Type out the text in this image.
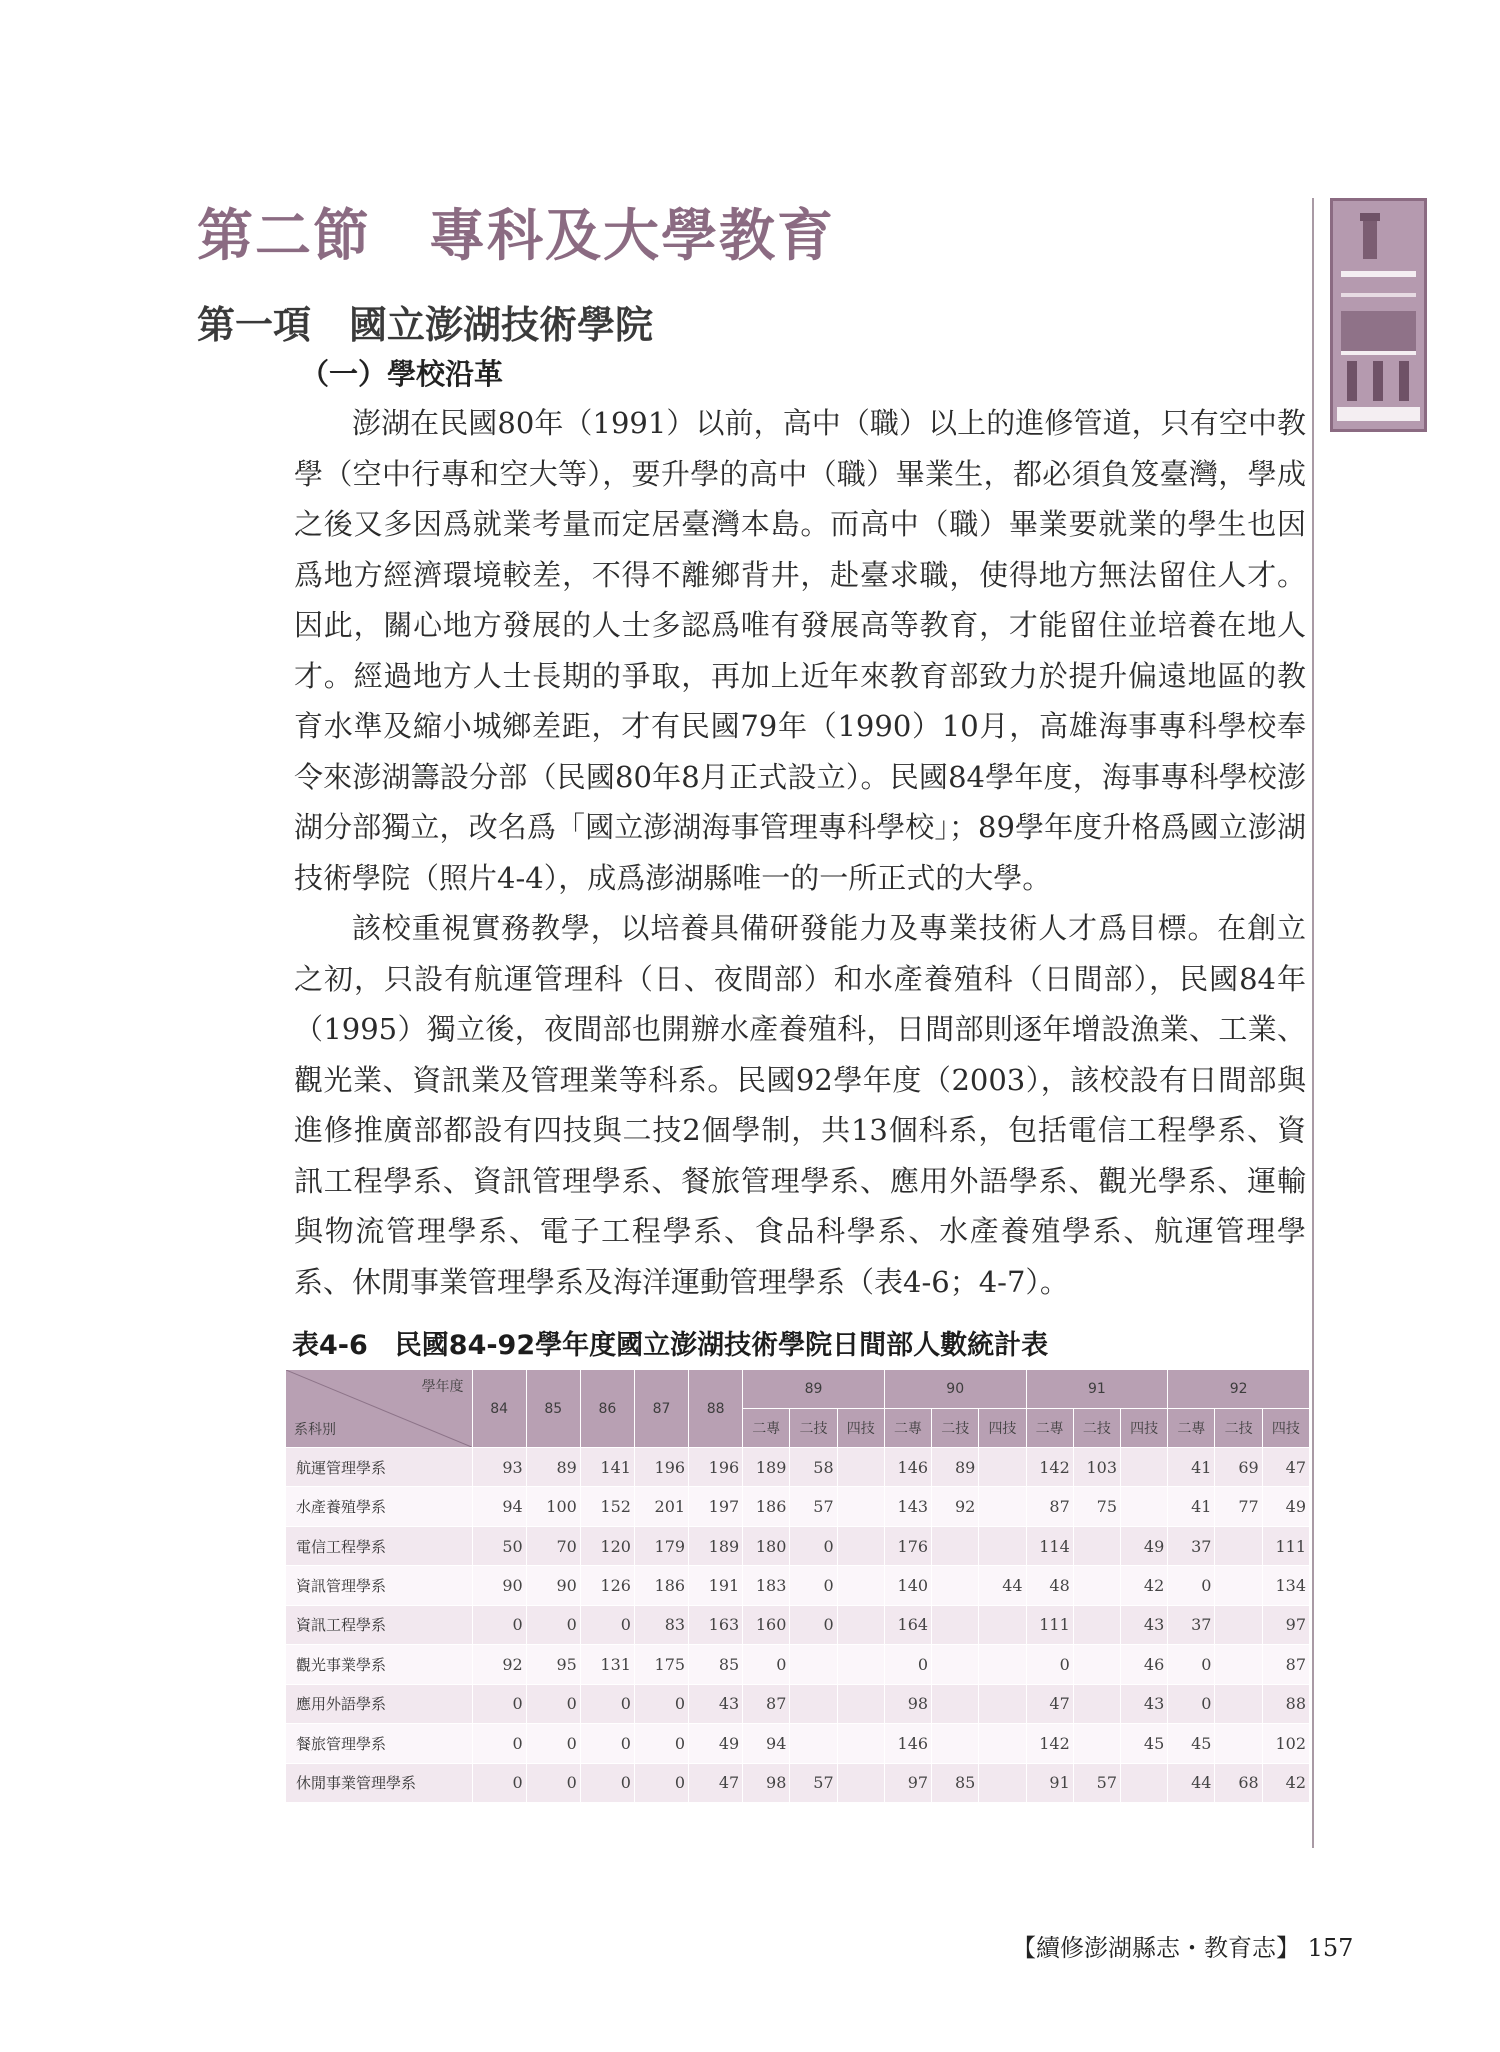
第二節　專科及大學教育
第一項　國立澎湖技術學院
（一）學校沿革

澎湖在民國80年（1991）以前，高中（職）以上的進修管道，只有空中教學（空中行專和空大等），要升學的高中（職）畢業生，都必須負笈臺灣，學成之後又多因爲就業考量而定居臺灣本島。而高中（職）畢業要就業的學生也因爲地方經濟環境較差，不得不離鄉背井，赴臺求職，使得地方無法留住人才。因此，關心地方發展的人士多認爲唯有發展高等教育，才能留住並培養在地人才。經過地方人士長期的爭取，再加上近年來教育部致力於提升偏遠地區的教育水準及縮小城鄉差距，才有民國79年（1990）10月，高雄海事專科學校奉令來澎湖籌設分部（民國80年8月正式設立）。民國84學年度，海事專科學校澎湖分部獨立，改名爲「國立澎湖海事管理專科學校」；89學年度升格爲國立澎湖技術學院（照片4-4），成爲澎湖縣唯一的一所正式的大學。

該校重視實務教學，以培養具備研發能力及專業技術人才爲目標。在創立之初，只設有航運管理科（日、夜間部）和水產養殖科（日間部），民國84年（1995）獨立後，夜間部也開辦水產養殖科，日間部則逐年增設漁業、工業、觀光業、資訊業及管理業等科系。民國92學年度（2003），該校設有日間部與進修推廣部都設有四技與二技2個學制，共13個科系，包括電信工程學系、資訊工程學系、資訊管理學系、餐旅管理學系、應用外語學系、觀光學系、運輸與物流管理學系、電子工程學系、食品科學系、水產養殖學系、航運管理學系、休閒事業管理學系及海洋運動管理學系（表4-6；4-7）。

表4-6　民國84-92學年度國立澎湖技術學院日間部人數統計表
學年度
系科別	84	85	86	87	88	89			90			91			92		
						二專	二技	四技	二專	二技	四技	二專	二技	四技	二專	二技	四技
航運管理學系	93	89	141	196	196	189	58		146	89		142	103		41	69	47
水產養殖學系	94	100	152	201	197	186	57		143	92		87	75		41	77	49
電信工程學系	50	70	120	179	189	180	0		176			114		49	37		111
資訊管理學系	90	90	126	186	191	183	0		140		44	48		42	0		134
資訊工程學系	0	0	0	83	163	160	0		164			111		43	37		97
觀光事業學系	92	95	131	175	85	0			0			0		46	0		87
應用外語學系	0	0	0	0	43	87			98			47		43	0		88
餐旅管理學系	0	0	0	0	49	94			146			142		45	45		102
休閒事業管理學系	0	0	0	0	47	98	57		97	85		91	57		44	68	42
【續修澎湖縣志・教育志】 157
